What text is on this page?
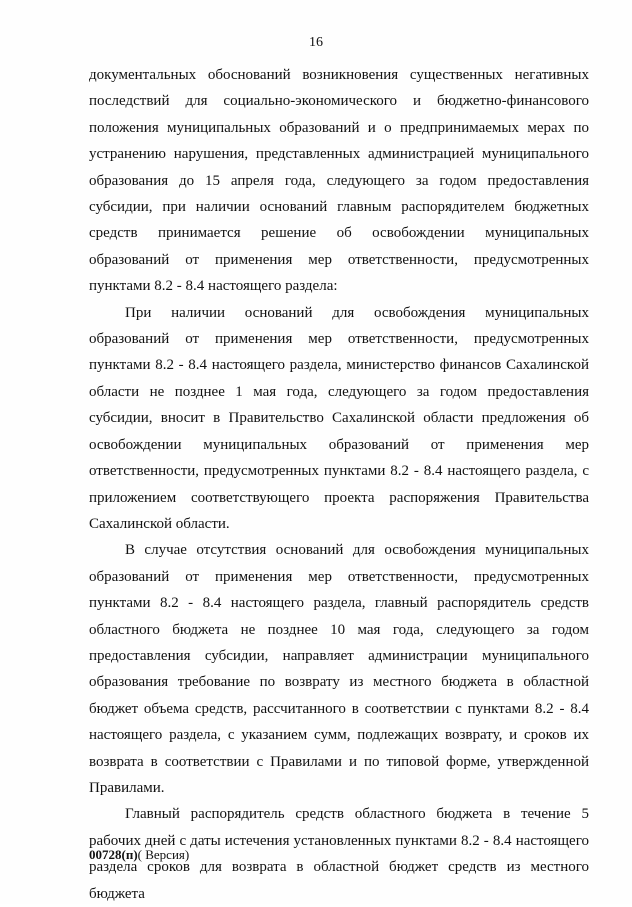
16

документальных обоснований возникновения существенных негативных последствий для социально-экономического и бюджетно-финансового положения муниципальных образований и о предпринимаемых мерах по устранению нарушения, представленных администрацией муниципального образования до 15 апреля года, следующего за годом предоставления субсидии, при наличии оснований главным распорядителем бюджетных средств принимается решение об освобождении муниципальных образований от применения мер ответственности, предусмотренных пунктами 8.2 - 8.4 настоящего раздела:

При наличии оснований для освобождения муниципальных образований от применения мер ответственности, предусмотренных пунктами 8.2 - 8.4 настоящего раздела, министерство финансов Сахалинской области не позднее 1 мая года, следующего за годом предоставления субсидии, вносит в Правительство Сахалинской области предложения об освобождении муниципальных образований от применения мер ответственности, предусмотренных пунктами 8.2 - 8.4 настоящего раздела, с приложением соответствующего проекта распоряжения Правительства Сахалинской области.

В случае отсутствия оснований для освобождения муниципальных образований от применения мер ответственности, предусмотренных пунктами 8.2 - 8.4 настоящего раздела, главный распорядитель средств областного бюджета не позднее 10 мая года, следующего за годом предоставления субсидии, направляет администрации муниципального образования требование по возврату из местного бюджета в областной бюджет объема средств, рассчитанного в соответствии с пунктами 8.2 - 8.4 настоящего раздела, с указанием сумм, подлежащих возврату, и сроков их возврата в соответствии с Правилами и по типовой форме, утвержденной Правилами.

Главный распорядитель средств областного бюджета в течение 5 рабочих дней с даты истечения установленных пунктами 8.2 - 8.4 настоящего раздела сроков для возврата в областной бюджет средств из местного бюджета

00728(п)( Версия)
